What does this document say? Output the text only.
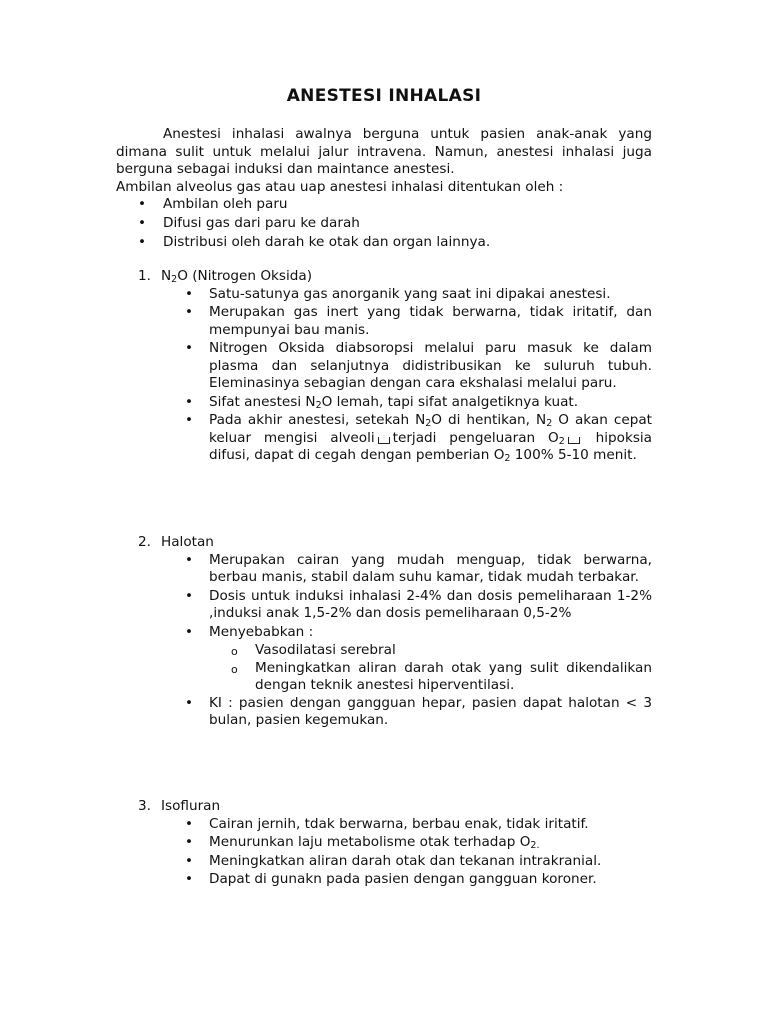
ANESTESI INHALASI

Anestesi inhalasi awalnya berguna untuk pasien anak-anak yang dimana sulit untuk melalui jalur intravena. Namun, anestesi inhalasi juga berguna sebagai induksi dan maintance anestesi.

Ambilan alveolus gas atau uap anestesi inhalasi ditentukan oleh :

• Ambilan oleh paru
• Difusi gas dari paru ke darah
• Distribusi oleh darah ke otak dan organ lainnya.
1. $N_2O$ (Nitrogen Oksida)
• Satu-satunya gas anorganik yang saat ini dipakai anestesi.
• Merupakan gas inert yang tidak berwarna, tidak iritatif, dan mempunyai bau manis.
• Nitrogen Oksida diabsoropsi melalui paru masuk ke dalam plasma dan selanjutnya didistribusikan ke suluruh tubuh. Eleminasinya sebagian dengan cara ekshalasi melalui paru.
• Sifat anestesi $N_2O$ lemah, tapi sifat analgetiknya kuat.
• Pada akhir anestesi, setekah $N_2O$ di hentikan, $N_2$ O akan cepat keluar mengisi alveoli terjadi pengeluaran $O_2$ hipoksia difusi, dapat di cegah dengan pemberian $O_2$ 100% 5-10 menit.
2. Halotan
• Merupakan cairan yang mudah menguap, tidak berwarna, berbau manis, stabil dalam suhu kamar, tidak mudah terbakar.
• Dosis untuk induksi inhalasi 2-4% dan dosis pemeliharaan 1-2% ,induksi anak 1,5-2% dan dosis pemeliharaan 0,5-2%
• Menyebabkan :
o Vasodilatasi serebral
o Meningkatkan aliran darah otak yang sulit dikendalikan dengan teknik anestesi hiperventilasi.
• KI : pasien dengan gangguan hepar, pasien dapat halotan < 3 bulan, pasien kegemukan.
3. Isofluran
• Cairan jernih, tdak berwarna, berbau enak, tidak iritatif.
• Menurunkan laju metabolisme otak terhadap $O_{2.}$
• Meningkatkan aliran darah otak dan tekanan intrakranial.
• Dapat di gunakn pada pasien dengan gangguan koroner.
